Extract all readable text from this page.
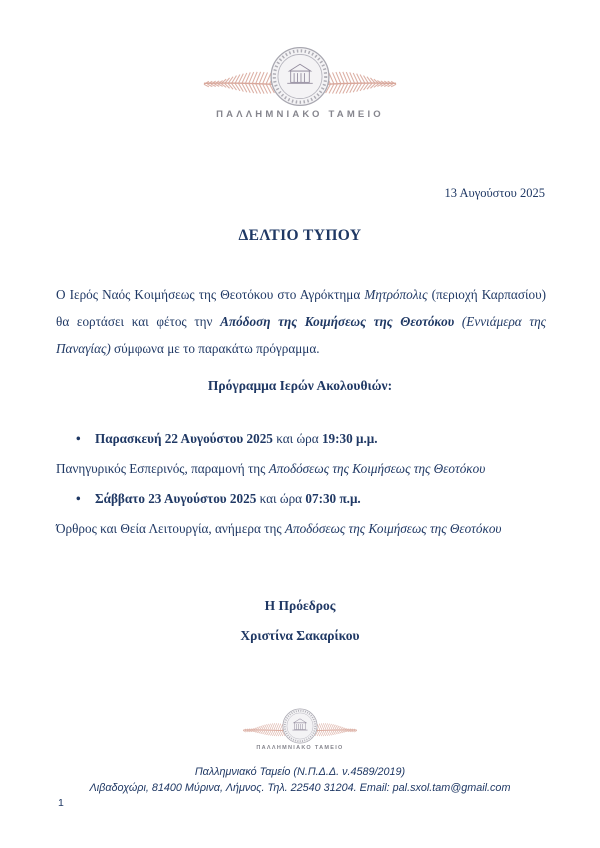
ΠΑΛΛΗΜΝΙΑΚΟ ΤΑΜΕΙΟ
13 Αυγούστου 2025
ΔΕΛΤΙΟ ΤΥΠΟΥ

Ο Ιερός Ναός Κοιμήσεως της Θεοτόκου στο Αγρόκτημα Μητρόπολις (περιοχή Καρπασίου) θα εορτάσει και φέτος την Απόδοση της Κοιμήσεως της Θεοτόκου (Εννιάμερα της Παναγίας) σύμφωνα με το παρακάτω πρόγραμμα.

Πρόγραμμα Ιερών Ακολουθιών:
• Παρασκευή 22 Αυγούστου 2025 και ώρα 19:30 μ.μ.
Πανηγυρικός Εσπερινός, παραμονή της Αποδόσεως της Κοιμήσεως της Θεοτόκου
• Σάββατο 23 Αυγούστου 2025 και ώρα 07:30 π.μ.
Όρθρος και Θεία Λειτουργία, ανήμερα της Αποδόσεως της Κοιμήσεως της Θεοτόκου
Η Πρόεδρος
Χριστίνα Σακαρίκου
ΠΑΛΛΗΜΝΙΑΚΟ ΤΑΜΕΙΟ
Παλλημνιακό Ταμείο (Ν.Π.Δ.Δ. ν.4589/2019)
Λιβαδοχώρι, 81400 Μύρινα, Λήμνος. Τηλ. 22540 31204. Email: pal.sxol.tam@gmail.com
1
